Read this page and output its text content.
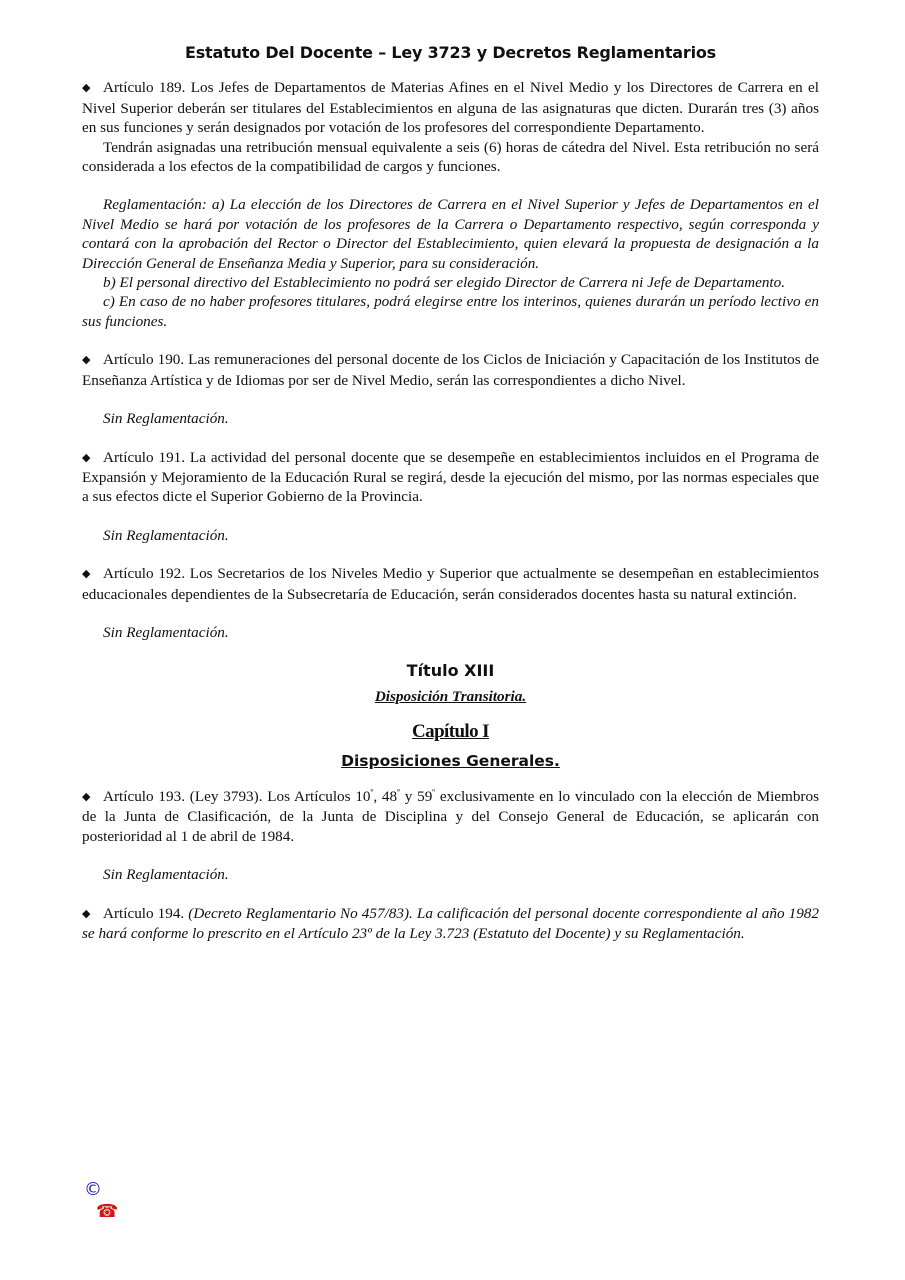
Estatuto Del Docente – Ley 3723 y Decretos Reglamentarios

◆ Artículo 189. Los Jefes de Departamentos de Materias Afines en el Nivel Medio y los Directores de Carrera en el Nivel Superior deberán ser titulares del Establecimientos en alguna de las asignaturas que dicten. Durarán tres (3) años en sus funciones y serán designados por votación de los profesores del correspondiente Departamento.

Tendrán asignadas una retribución mensual equivalente a seis (6) horas de cátedra del Nivel. Esta retribución no será considerada a los efectos de la compatibilidad de cargos y funciones.

Reglamentación: a) La elección de los Directores de Carrera en el Nivel Superior y Jefes de Departamentos en el Nivel Medio se hará por votación de los profesores de la Carrera o Departamento respectivo, según corresponda y contará con la aprobación del Rector o Director del Establecimiento, quien elevará la propuesta de designación a la Dirección General de Enseñanza Media y Superior, para su consideración.

b) El personal directivo del Establecimiento no podrá ser elegido Director de Carrera ni Jefe de Departamento.

c) En caso de no haber profesores titulares, podrá elegirse entre los interinos, quienes durarán un período lectivo en sus funciones.

◆ Artículo 190. Las remuneraciones del personal docente de los Ciclos de Iniciación y Capacitación de los Institutos de Enseñanza Artística y de Idiomas por ser de Nivel Medio, serán las correspondientes a dicho Nivel.

Sin Reglamentación.

◆ Artículo 191. La actividad del personal docente que se desempeñe en establecimientos incluidos en el Programa de Expansión y Mejoramiento de la Educación Rural se regirá, desde la ejecución del mismo, por las normas especiales que a sus efectos dicte el Superior Gobierno de la Provincia.

Sin Reglamentación.

◆ Artículo 192. Los Secretarios de los Niveles Medio y Superior que actualmente se desempeñan en establecimientos educacionales dependientes de la Subsecretaría de Educación, serán considerados docentes hasta su natural extinción.

Sin Reglamentación.

Título XIII
Disposición Transitoria.
Capítulo I
Disposiciones Generales.

◆ Artículo 193. (Ley 3793). Los Artículos $10^º$, $48^º$ y $59^º$ exclusivamente en lo vinculado con la elección de Miembros de la Junta de Clasificación, de la Junta de Disciplina y del Consejo General de Educación, se aplicarán con posterioridad al 1 de abril de 1984.

Sin Reglamentación.

◆ Artículo 194. (Decreto Reglamentario No 457/83). La calificación del personal docente correspondiente al año 1982 se hará conforme lo prescrito en el Artículo 23º de la Ley 3.723 (Estatuto del Docente) y su Reglamentación.

©
☎
